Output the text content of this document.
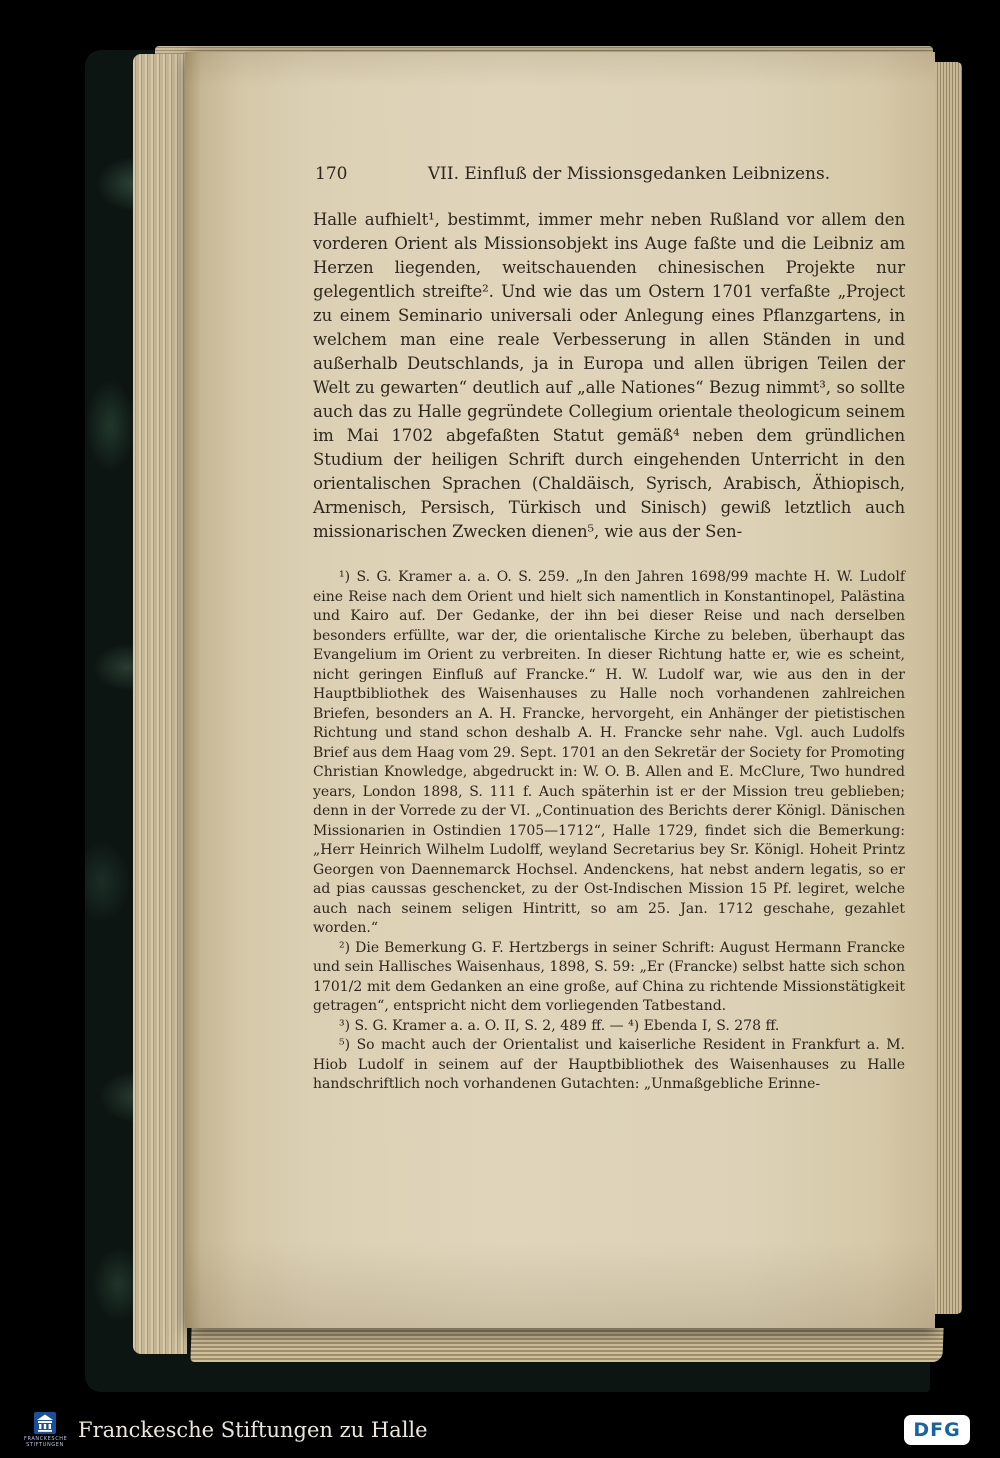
170	VII. Einfluß der Missionsgedanken Leibnizens.

Halle aufhielt¹, bestimmt, immer mehr neben Rußland vor allem den vorderen Orient als Missionsobjekt ins Auge faßte und die Leibniz am Herzen liegenden, weitschauenden chinesischen Projekte nur gelegentlich streifte². Und wie das um Ostern 1701 verfaßte „Project zu einem Seminario universali oder Anlegung eines Pflanzgartens, in welchem man eine reale Verbesserung in allen Ständen in und außerhalb Deutschlands, ja in Europa und allen übrigen Teilen der Welt zu gewarten“ deutlich auf „alle Nationes“ Bezug nimmt³, so sollte auch das zu Halle gegründete Collegium orientale theologicum seinem im Mai 1702 abgefaßten Statut gemäß⁴ neben dem gründlichen Studium der heiligen Schrift durch eingehenden Unterricht in den orientalischen Sprachen (Chaldäisch, Syrisch, Arabisch, Äthiopisch, Armenisch, Persisch, Türkisch und Sinisch) gewiß letztlich auch missionarischen Zwecken dienen⁵, wie aus der Sen-

¹) S. G. Kramer a. a. O. S. 259. „In den Jahren 1698/99 machte H. W. Ludolf eine Reise nach dem Orient und hielt sich namentlich in Konstantinopel, Palästina und Kairo auf. Der Gedanke, der ihn bei dieser Reise und nach derselben besonders erfüllte, war der, die orientalische Kirche zu beleben, überhaupt das Evangelium im Orient zu verbreiten. In dieser Richtung hatte er, wie es scheint, nicht geringen Einfluß auf Francke.“ H. W. Ludolf war, wie aus den in der Hauptbibliothek des Waisenhauses zu Halle noch vorhandenen zahlreichen Briefen, besonders an A. H. Francke, hervorgeht, ein Anhänger der pietistischen Richtung und stand schon deshalb A. H. Francke sehr nahe. Vgl. auch Ludolfs Brief aus dem Haag vom 29. Sept. 1701 an den Sekretär der Society for Promoting Christian Knowledge, abgedruckt in: W. O. B. Allen and E. McClure, Two hundred years, London 1898, S. 111 f. Auch späterhin ist er der Mission treu geblieben; denn in der Vorrede zu der VI. „Continuation des Berichts derer Königl. Dänischen Missionarien in Ostindien 1705—1712“, Halle 1729, findet sich die Bemerkung: „Herr Heinrich Wilhelm Ludolff, weyland Secretarius bey Sr. Königl. Hoheit Printz Georgen von Daennemarck Hochsel. Andenckens, hat nebst andern legatis, so er ad pias caussas geschencket, zu der Ost-Indischen Mission 15 Pf. legiret, welche auch nach seinem seligen Hintritt, so am 25. Jan. 1712 geschahe, gezahlet worden.“

²) Die Bemerkung G. F. Hertzbergs in seiner Schrift: August Hermann Francke und sein Hallisches Waisenhaus, 1898, S. 59: „Er (Francke) selbst hatte sich schon 1701/2 mit dem Gedanken an eine große, auf China zu richtende Missionstätigkeit getragen“, entspricht nicht dem vorliegenden Tatbestand.

³) S. G. Kramer a. a. O. II, S. 2, 489 ff. — ⁴) Ebenda I, S. 278 ff.

⁵) So macht auch der Orientalist und kaiserliche Resident in Frankfurt a. M. Hiob Ludolf in seinem auf der Hauptbibliothek des Waisenhauses zu Halle handschriftlich noch vorhandenen Gutachten: „Unmaßgebliche Erinne-

FRANCKESCHE
STIFTUNGEN
Franckesche Stiftungen zu Halle	DFG
